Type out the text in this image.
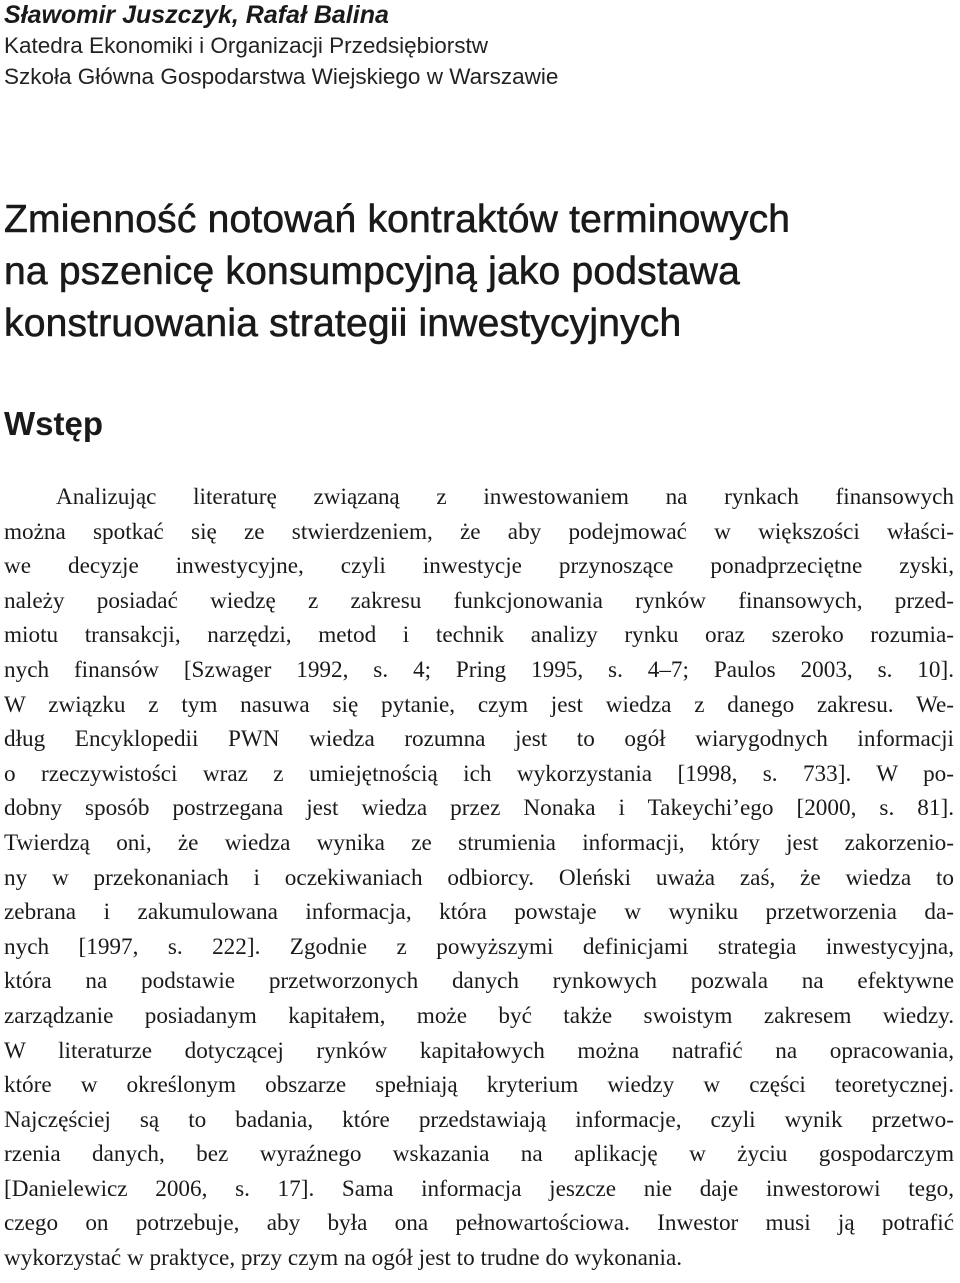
Sławomir Juszczyk, Rafał Balina

Katedra Ekonomiki i Organizacji Przedsiębiorstw

Szkoła Główna Gospodarstwa Wiejskiego w Warszawie

Zmienność notowań kontraktów terminowych
na pszenicę konsumpcyjną jako podstawa
konstruowania strategii inwestycyjnych
Wstęp
Analizując literaturę związaną z inwestowaniem na rynkach finansowych
można spotkać się ze stwierdzeniem, że aby podejmować w większości właści-
we decyzje inwestycyjne, czyli inwestycje przynoszące ponadprzeciętne zyski,
należy posiadać wiedzę z zakresu funkcjonowania rynków finansowych, przed-
miotu transakcji, narzędzi, metod i technik analizy rynku oraz szeroko rozumia-
nych finansów [Szwager 1992, s. 4; Pring 1995, s. 4–7; Paulos 2003, s. 10].
W związku z tym nasuwa się pytanie, czym jest wiedza z danego zakresu. We-
dług Encyklopedii PWN wiedza rozumna jest to ogół wiarygodnych informacji
o rzeczywistości wraz z umiejętnością ich wykorzystania [1998, s. 733]. W po-
dobny sposób postrzegana jest wiedza przez Nonaka i Takeychi’ego [2000, s. 81].
Twierdzą oni, że wiedza wynika ze strumienia informacji, który jest zakorzenio-
ny w przekonaniach i oczekiwaniach odbiorcy. Oleński uważa zaś, że wiedza to
zebrana i zakumulowana informacja, która powstaje w wyniku przetworzenia da-
nych [1997, s. 222]. Zgodnie z powyższymi definicjami strategia inwestycyjna,
która na podstawie przetworzonych danych rynkowych pozwala na efektywne
zarządzanie posiadanym kapitałem, może być także swoistym zakresem wiedzy.
W literaturze dotyczącej rynków kapitałowych można natrafić na opracowania,
które w określonym obszarze spełniają kryterium wiedzy w części teoretycznej.
Najczęściej są to badania, które przedstawiają informacje, czyli wynik przetwo-
rzenia danych, bez wyraźnego wskazania na aplikację w życiu gospodarczym
[Danielewicz 2006, s. 17]. Sama informacja jeszcze nie daje inwestorowi tego,
czego on potrzebuje, aby była ona pełnowartościowa. Inwestor musi ją potrafić
wykorzystać w praktyce, przy czym na ogół jest to trudne do wykonania.
